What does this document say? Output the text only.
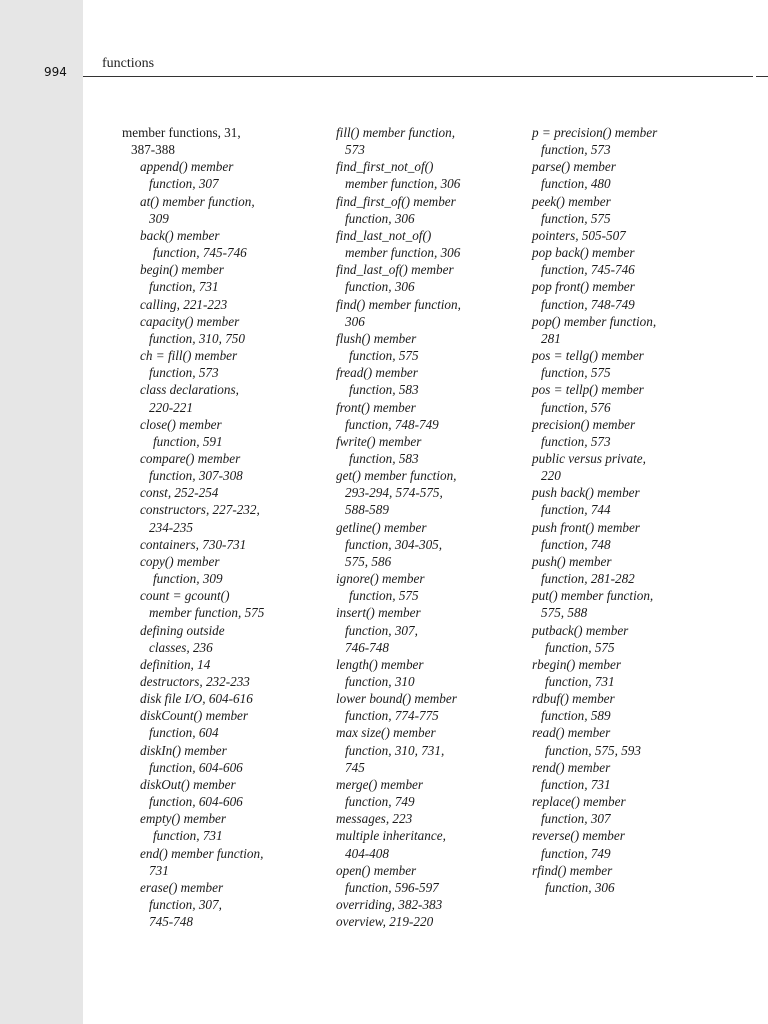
994
functions
member functions, 31,
387-388
append() member
function, 307
at() member function,
309
back() member
function, 745-746
begin() member
function, 731
calling, 221-223
capacity() member
function, 310, 750
ch = fill() member
function, 573
class declarations,
220-221
close() member
function, 591
compare() member
function, 307-308
const, 252-254
constructors, 227-232,
234-235
containers, 730-731
copy() member
function, 309
count = gcount()
member function, 575
defining outside
classes, 236
definition, 14
destructors, 232-233
disk file I/O, 604-616
diskCount() member
function, 604
diskIn() member
function, 604-606
diskOut() member
function, 604-606
empty() member
function, 731
end() member function,
731
erase() member
function, 307,
745-748
fill() member function,
573
find_first_not_of()
member function, 306
find_first_of() member
function, 306
find_last_not_of()
member function, 306
find_last_of() member
function, 306
find() member function,
306
flush() member
function, 575
fread() member
function, 583
front() member
function, 748-749
fwrite() member
function, 583
get() member function,
293-294, 574-575,
588-589
getline() member
function, 304-305,
575, 586
ignore() member
function, 575
insert() member
function, 307,
746-748
length() member
function, 310
lower bound() member
function, 774-775
max size() member
function, 310, 731,
745
merge() member
function, 749
messages, 223
multiple inheritance,
404-408
open() member
function, 596-597
overriding, 382-383
overview, 219-220
p = precision() member
function, 573
parse() member
function, 480
peek() member
function, 575
pointers, 505-507
pop back() member
function, 745-746
pop front() member
function, 748-749
pop() member function,
281
pos = tellg() member
function, 575
pos = tellp() member
function, 576
precision() member
function, 573
public versus private,
220
push back() member
function, 744
push front() member
function, 748
push() member
function, 281-282
put() member function,
575, 588
putback() member
function, 575
rbegin() member
function, 731
rdbuf() member
function, 589
read() member
function, 575, 593
rend() member
function, 731
replace() member
function, 307
reverse() member
function, 749
rfind() member
function, 306
